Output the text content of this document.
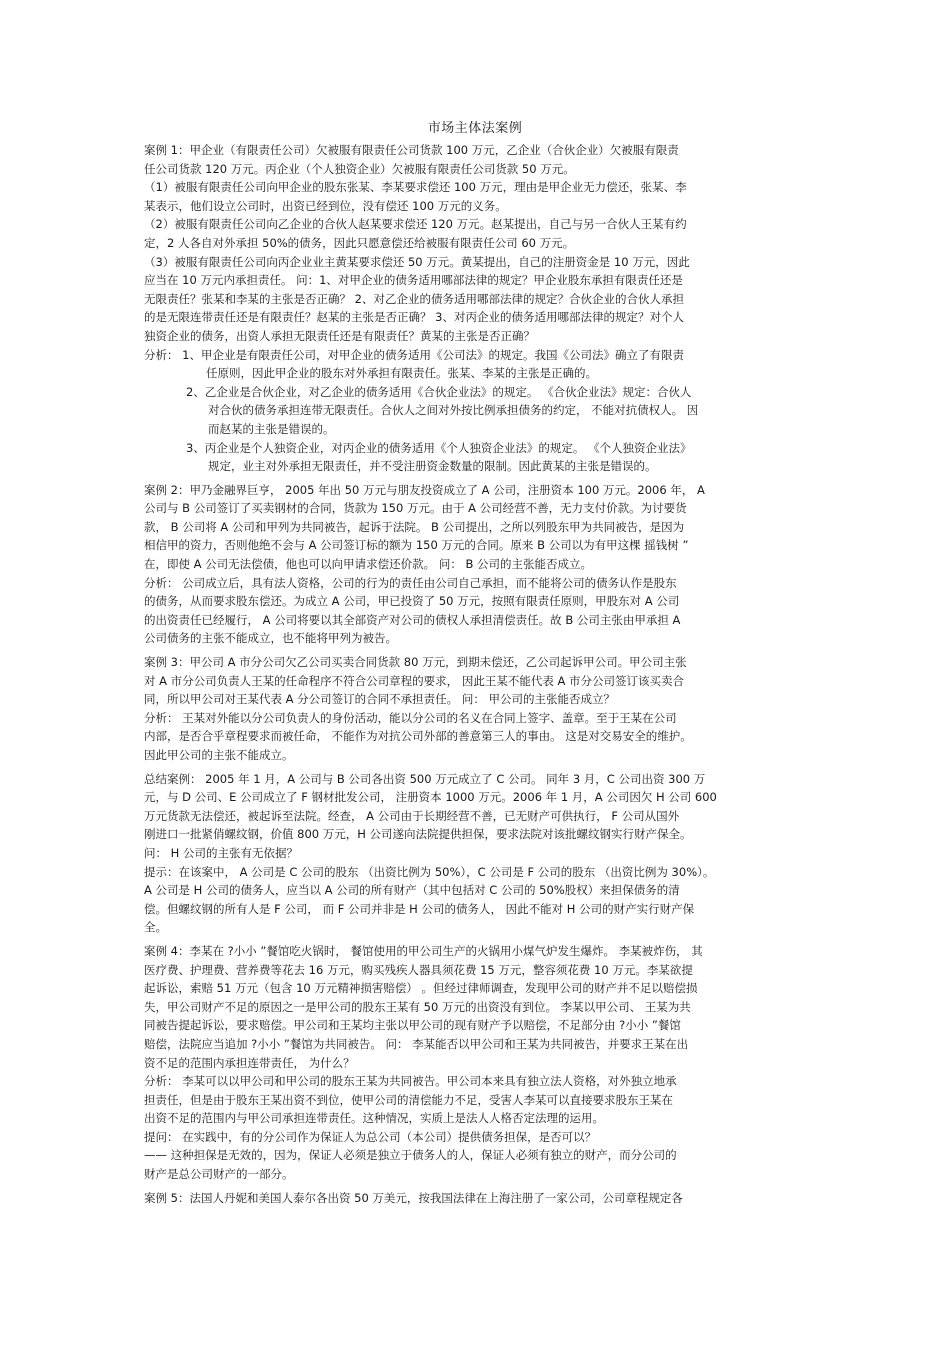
市场主体法案例

案例 1：甲企业（有限责任公司）欠被服有限责任公司货款 100 万元，乙企业（合伙企业）欠被服有限责

任公司货款 120 万元。丙企业（个人独资企业）欠被服有限责任公司货款 50 万元。

（1）被服有限责任公司向甲企业的股东张某、李某要求偿还 100 万元，理由是甲企业无力偿还，张某、李

某表示，他们设立公司时，出资已经到位，没有偿还 100 万元的义务。

（2）被服有限责任公司向乙企业的合伙人赵某要求偿还 120 万元。赵某提出，自己与另一合伙人王某有约

定，2 人各自对外承担 50%的债务，因此只愿意偿还给被服有限责任公司 60 万元。

（3）被服有限责任公司向丙企业业主黄某要求偿还 50 万元。黄某提出，自己的注册资金是 10 万元，因此

应当在 10 万元内承担责任。 问：1、对甲企业的债务适用哪部法律的规定？甲企业股东承担有限责任还是

无限责任？张某和李某的主张是否正确？ 2、对乙企业的债务适用哪部法律的规定？合伙企业的合伙人承担

的是无限连带责任还是有限责任？赵某的主张是否正确？ 3、对丙企业的债务适用哪部法律的规定？对个人

独资企业的债务，出资人承担无限责任还是有限责任？黄某的主张是否正确？

分析： 1、甲企业是有限责任公司，对甲企业的债务适用《公司法》的规定。我国《公司法》确立了有限责

任原则，因此甲企业的股东对外承担有限责任。张某、李某的主张是正确的。

2、乙企业是合伙企业，对乙企业的债务适用《合伙企业法》的规定。 《合伙企业法》规定：合伙人

对合伙的债务承担连带无限责任。合伙人之间对外按比例承担债务的约定， 不能对抗债权人。 因

而赵某的主张是错误的。

3、丙企业是个人独资企业，对丙企业的债务适用《个人独资企业法》的规定。 《个人独资企业法》

规定，业主对外承担无限责任，并不受注册资金数量的限制。因此黄某的主张是错误的。

案例 2：甲乃金融界巨亨， 2005 年出 50 万元与朋友投资成立了 A 公司，注册资本 100 万元。2006 年， A

公司与 B 公司签订了买卖钢材的合同，货款为 150 万元。由于 A 公司经营不善，无力支付价款。为讨要货

款， B 公司将 A 公司和甲列为共同被告，起诉于法院。 B 公司提出，之所以列股东甲为共同被告，是因为

相信甲的资力，否则他绝不会与 A 公司签订标的额为 150 万元的合同。原来 B 公司以为有甲这棵 摇钱树 ”

在，即使 A 公司无法偿债，他也可以向甲请求偿还价款。 问： B 公司的主张能否成立。

分析： 公司成立后，具有法人资格，公司的行为的责任由公司自己承担，而不能将公司的债务认作是股东

的债务，从而要求股东偿还。为成立 A 公司，甲已投资了 50 万元，按照有限责任原则，甲股东对 A 公司

的出资责任已经履行， A 公司将要以其全部资产对公司的债权人承担清偿责任。故 B 公司主张由甲承担 A

公司债务的主张不能成立，也不能将甲列为被告。

案例 3：甲公司 A 市分公司欠乙公司买卖合同货款 80 万元，到期未偿还，乙公司起诉甲公司。甲公司主张

对 A 市分公司负责人王某的任命程序不符合公司章程的要求， 因此王某不能代表 A 市分公司签订该买卖合

同，所以甲公司对王某代表 A 分公司签订的合同不承担责任。 问： 甲公司的主张能否成立？

分析： 王某对外能以分公司负责人的身份活动，能以分公司的名义在合同上签字、盖章。至于王某在公司

内部，是否合乎章程要求而被任命， 不能作为对抗公司外部的善意第三人的事由。 这是对交易安全的维护。

因此甲公司的主张不能成立。

总结案例： 2005 年 1 月，A 公司与 B 公司各出资 500 万元成立了 C 公司。 同年 3 月，C 公司出资 300 万

元，与 D 公司、E 公司成立了 F 钢材批发公司， 注册资本 1000 万元。2006 年 1 月，A 公司因欠 H 公司 600

万元货款无法偿还，被起诉至法院。经查， A 公司由于长期经营不善，已无财产可供执行， F 公司从国外

刚进口一批紧俏螺纹钢，价值 800 万元，H 公司遂向法院提供担保，要求法院对该批螺纹钢实行财产保全。

问： H 公司的主张有无依据？

提示：在该案中， A 公司是 C 公司的股东 （出资比例为 50%），C 公司是 F 公司的股东 （出资比例为 30%）。

A 公司是 H 公司的债务人，应当以 A 公司的所有财产（其中包括对 C 公司的 50%股权）来担保债务的清

偿。但螺纹钢的所有人是 F 公司， 而 F 公司并非是 H 公司的债务人， 因此不能对 H 公司的财产实行财产保

全。

案例 4：李某在 ?小小 ”餐馆吃火锅时， 餐馆使用的甲公司生产的火锅用小煤气炉发生爆炸。 李某被炸伤， 其

医疗费、护理费、营养费等花去 16 万元，购买残疾人器具须花费 15 万元，整容须花费 10 万元。李某欲提

起诉讼，索赔 51 万元（包含 10 万元精神损害赔偿） 。但经过律师调查，发现甲公司的财产并不足以赔偿损

失，甲公司财产不足的原因之一是甲公司的股东王某有 50 万元的出资没有到位。 李某以甲公司、 王某为共

同被告提起诉讼，要求赔偿。甲公司和王某均主张以甲公司的现有财产予以赔偿，不足部分由 ?小小 ”餐馆

赔偿，法院应当追加 ?小小 ”餐馆为共同被告。 问： 李某能否以甲公司和王某为共同被告，并要求王某在出

资不足的范围内承担连带责任， 为什么？

分析： 李某可以以甲公司和甲公司的股东王某为共同被告。甲公司本来具有独立法人资格，对外独立地承

担责任，但是由于股东王某出资不到位，使甲公司的清偿能力不足，受害人李某可以直接要求股东王某在

出资不足的范围内与甲公司承担连带责任。这种情况，实质上是法人人格否定法理的运用。

提问： 在实践中，有的分公司作为保证人为总公司（本公司）提供债务担保，是否可以？

—— 这种担保是无效的，因为，保证人必须是独立于债务人的人，保证人必须有独立的财产，而分公司的

财产是总公司财产的一部分。

案例 5：法国人丹妮和美国人泰尔各出资 50 万美元，按我国法律在上海注册了一家公司，公司章程规定各
